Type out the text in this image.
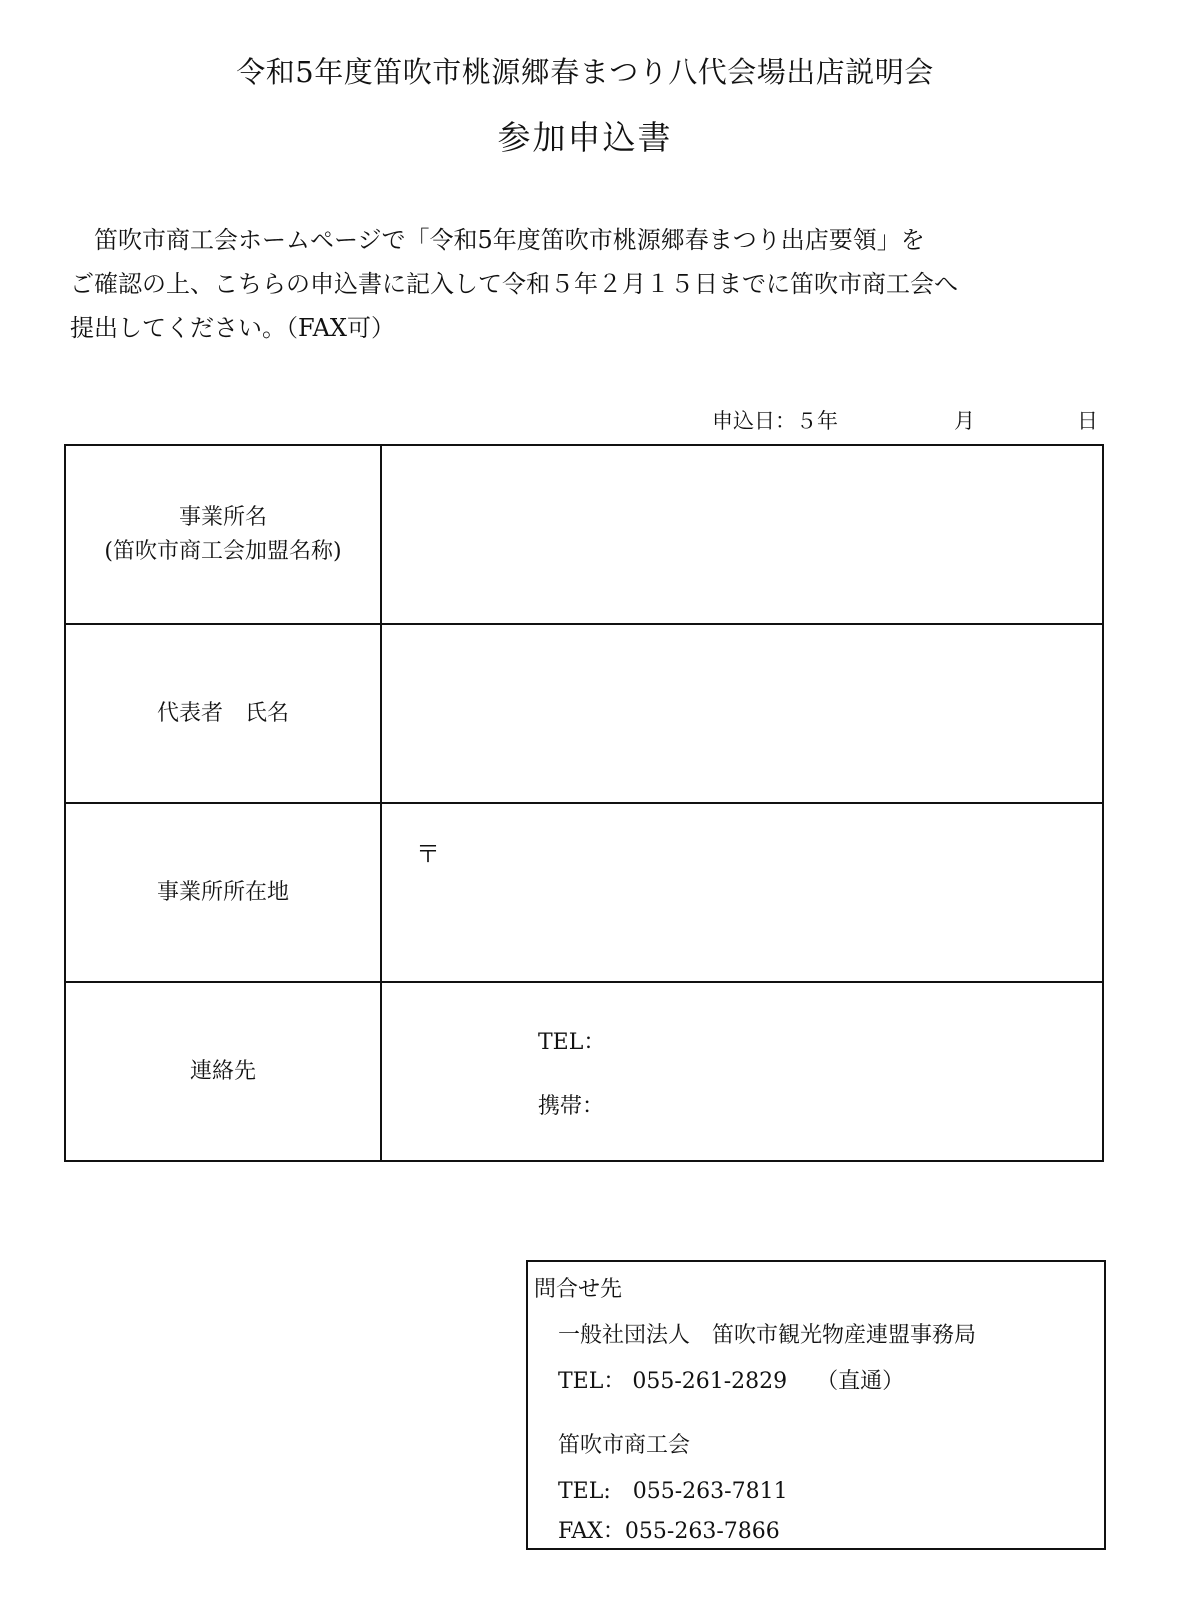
令和5年度笛吹市桃源郷春まつり八代会場出店説明会
参加申込書
笛吹市商工会ホームページで「令和5年度笛吹市桃源郷春まつり出店要領」を
ご確認の上、こちらの申込書に記入して令和５年２月１５日までに笛吹市商工会へ
提出してください。（FAX可）
申込日：５年	月	日
事業所名
(笛吹市商工会加盟名称)	

代表者　氏名	
事業所所在地	〒

連絡先	TEL：
携帯：
問合せ先
一般社団法人　笛吹市観光物産連盟事務局
TEL： 055-261-2829　 （直通）
笛吹市商工会
TEL:　055-263-7811
FAX：055-263-7866
